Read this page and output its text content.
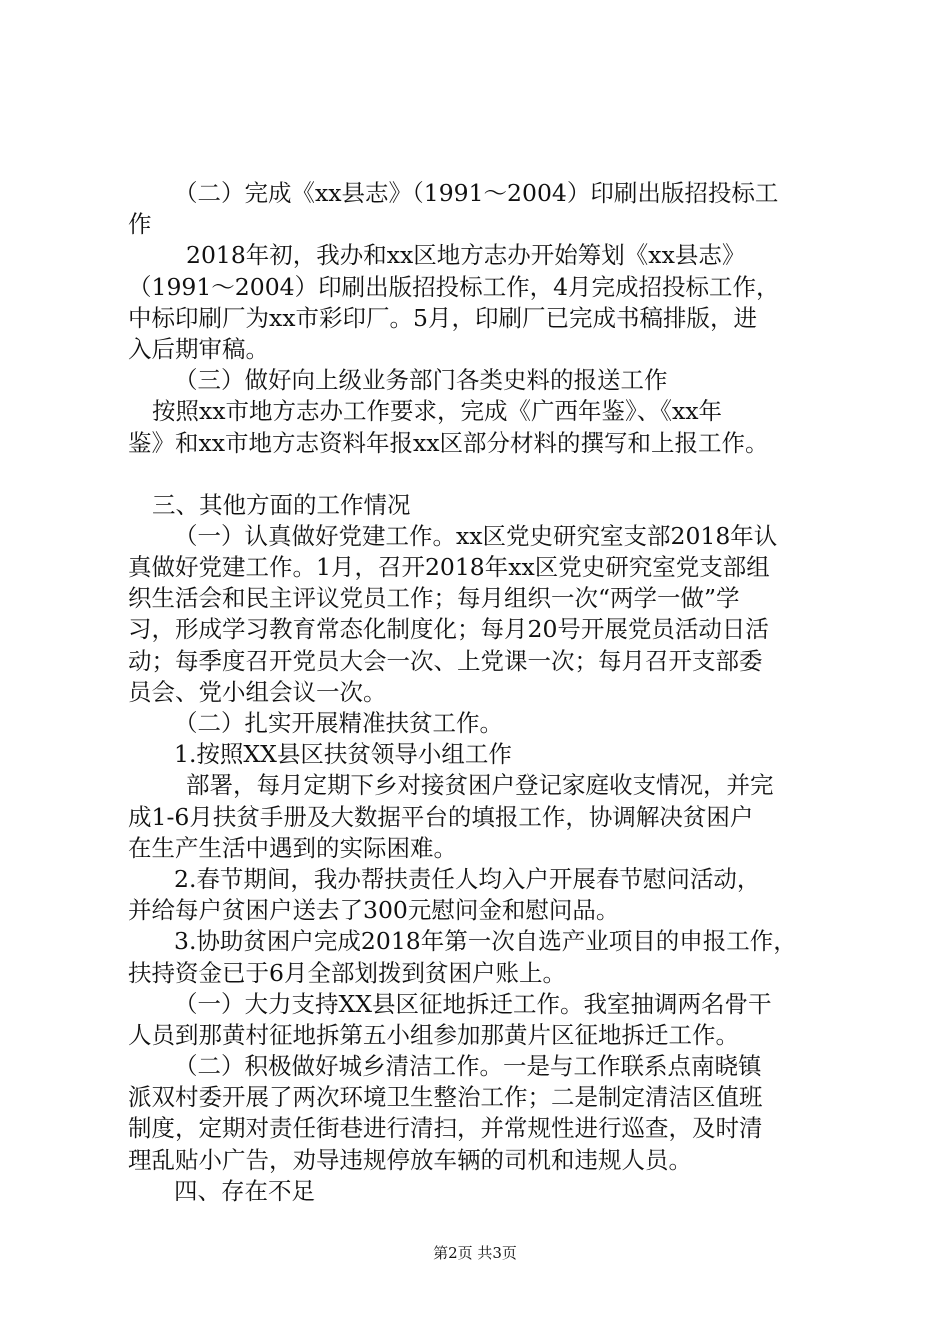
（二）完成《xx县志》（1991～2004）印刷出版招投标工
作
2018年初，我办和xx区地方志办开始筹划《xx县志》
（1991～2004）印刷出版招投标工作，4月完成招投标工作，
中标印刷厂为xx市彩印厂。5月，印刷厂已完成书稿排版，进
入后期审稿。
（三）做好向上级业务部门各类史料的报送工作
按照xx市地方志办工作要求，完成《广西年鉴》、《xx年
鉴》和xx市地方志资料年报xx区部分材料的撰写和上报工作。
三、其他方面的工作情况
（一）认真做好党建工作。xx区党史研究室支部2018年认
真做好党建工作。1月，召开2018年xx区党史研究室党支部组
织生活会和民主评议党员工作；每月组织一次“两学一做”学
习，形成学习教育常态化制度化；每月20号开展党员活动日活
动；每季度召开党员大会一次、上党课一次；每月召开支部委
员会、党小组会议一次。
（二）扎实开展精准扶贫工作。
1.按照XX县区扶贫领导小组工作
部署，每月定期下乡对接贫困户登记家庭收支情况，并完
成1-6月扶贫手册及大数据平台的填报工作，协调解决贫困户
在生产生活中遇到的实际困难。
2.春节期间，我办帮扶责任人均入户开展春节慰问活动，
并给每户贫困户送去了300元慰问金和慰问品。
3.协助贫困户完成2018年第一次自选产业项目的申报工作，
扶持资金已于6月全部划拨到贫困户账上。
（一）大力支持XX县区征地拆迁工作。我室抽调两名骨干
人员到那黄村征地拆第五小组参加那黄片区征地拆迁工作。
（二）积极做好城乡清洁工作。一是与工作联系点南晓镇
派双村委开展了两次环境卫生整治工作；二是制定清洁区值班
制度，定期对责任街巷进行清扫，并常规性进行巡查，及时清
理乱贴小广告，劝导违规停放车辆的司机和违规人员。
四、存在不足
第2页 共3页
